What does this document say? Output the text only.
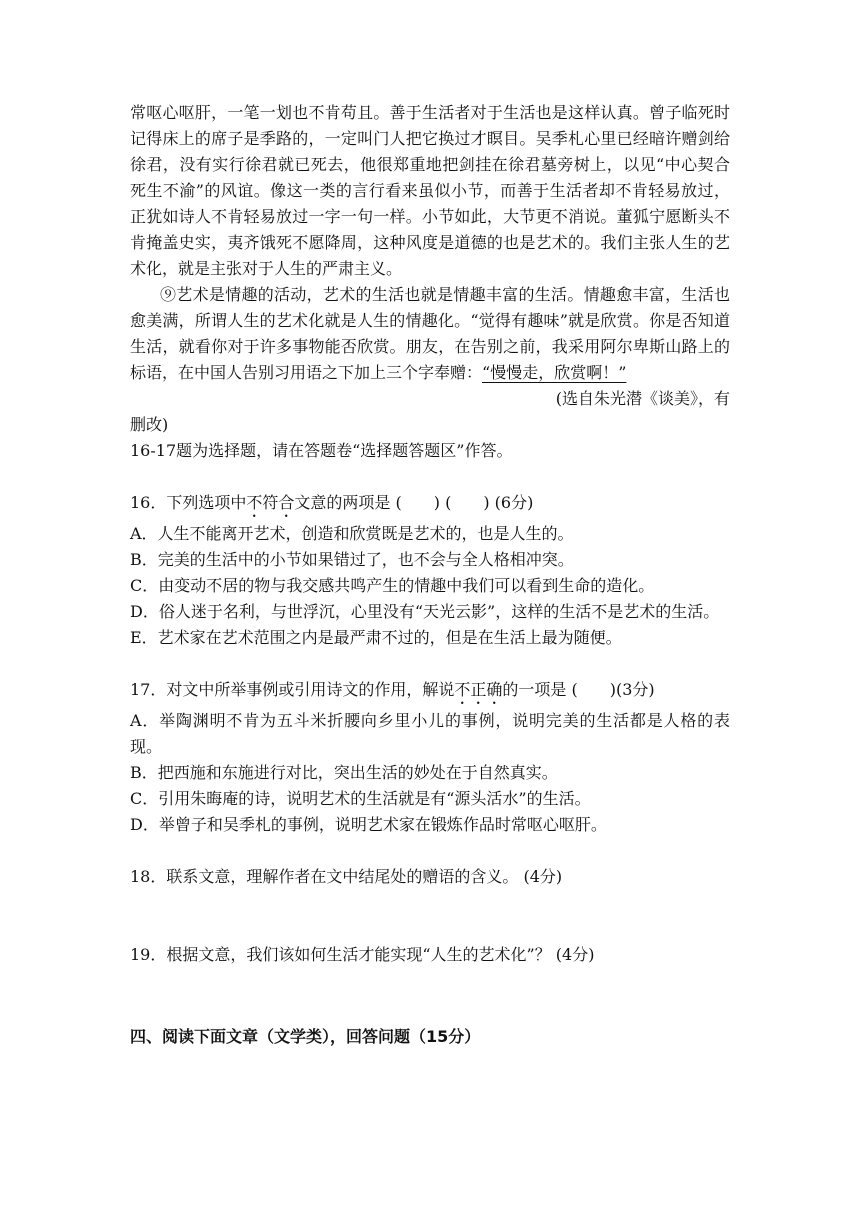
常呕心呕肝，一笔一划也不肯苟且。善于生活者对于生活也是这样认真。曾子临死时记得床上的席子是季路的，一定叫门人把它换过才瞑目。吴季札心里已经暗许赠剑给徐君，没有实行徐君就已死去，他很郑重地把剑挂在徐君墓旁树上，以见“中心契合死生不渝”的风谊。像这一类的言行看来虽似小节，而善于生活者却不肯轻易放过，正犹如诗人不肯轻易放过一字一句一样。小节如此，大节更不消说。董狐宁愿断头不肯掩盖史实，夷齐饿死不愿降周，这种风度是道德的也是艺术的。我们主张人生的艺术化，就是主张对于人生的严肃主义。

⑨艺术是情趣的活动，艺术的生活也就是情趣丰富的生活。情趣愈丰富，生活也愈美满，所谓人生的艺术化就是人生的情趣化。“觉得有趣味”就是欣赏。你是否知道生活，就看你对于许多事物能否欣赏。朋友，在告别之前，我采用阿尔卑斯山路上的标语，在中国人告别习用语之下加上三个字奉赠：“慢慢走，欣赏啊！”

(选自朱光潜《谈美》，有

删改)

16-17题为选择题，请在答题卷“选择题答题区”作答。

16．下列选项中不符合文意的两项是 (　　) (　　) (6分)

A．人生不能离开艺术，创造和欣赏既是艺术的，也是人生的。

B．完美的生活中的小节如果错过了，也不会与全人格相冲突。

C．由变动不居的物与我交感共鸣产生的情趣中我们可以看到生命的造化。

D．俗人迷于名利，与世浮沉，心里没有“天光云影”，这样的生活不是艺术的生活。

E．艺术家在艺术范围之内是最严肃不过的，但是在生活上最为随便。

17．对文中所举事例或引用诗文的作用，解说不正确的一项是 (　　)(3分)

A．举陶渊明不肯为五斗米折腰向乡里小儿的事例，说明完美的生活都是人格的表现。

B．把西施和东施进行对比，突出生活的妙处在于自然真实。

C．引用朱晦庵的诗，说明艺术的生活就是有“源头活水”的生活。

D．举曾子和吴季札的事例，说明艺术家在锻炼作品时常呕心呕肝。

18．联系文意，理解作者在文中结尾处的赠语的含义。 (4分)

19．根据文意，我们该如何生活才能实现“人生的艺术化”？ (4分)

四、阅读下面文章（文学类），回答问题（15分）
